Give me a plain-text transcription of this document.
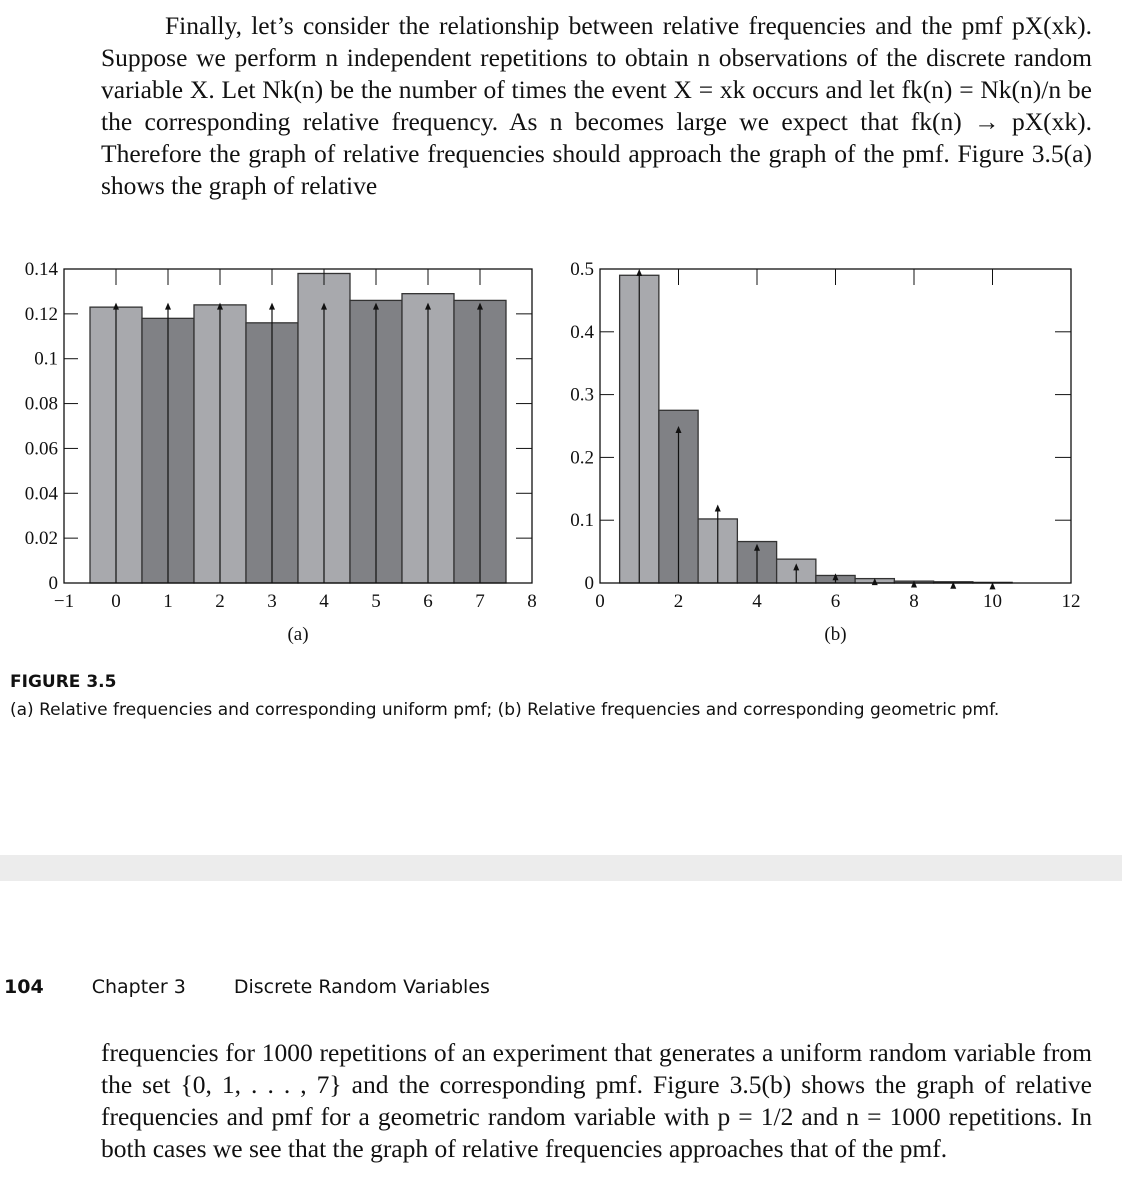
Finally, let’s consider the relationship between relative frequencies and the pmf pX(xk). Suppose we perform n independent repetitions to obtain n observations of the discrete random variable X. Let Nk(n) be the number of times the event X = xk occurs and let fk(n) = Nk(n)/n be the corresponding relative frequency. As n becomes large we expect that fk(n) → pX(xk). Therefore the graph of relative frequencies should approach the graph of the pmf. Figure 3.5(a) shows the graph of relative

−1 0 1 2 3 4 5 6 7 8
0
0.02
0.04
0.06
0.08
0.1
0.12
0.14
(a)
0	2	4	6	8	10	12
0
0.1
0.2
0.3
0.4
0.5
(b)
FIGURE 3.5
(a) Relative frequencies and corresponding uniform pmf; (b) Relative frequencies and corresponding geometric pmf.
104	Chapter 3	Discrete Random Variables

frequencies for 1000 repetitions of an experiment that generates a uniform random variable from the set {0, 1, . . . , 7} and the corresponding pmf. Figure 3.5(b) shows the graph of relative frequencies and pmf for a geometric random variable with p = 1/2 and n = 1000 repetitions. In both cases we see that the graph of relative frequencies approaches that of the pmf.
